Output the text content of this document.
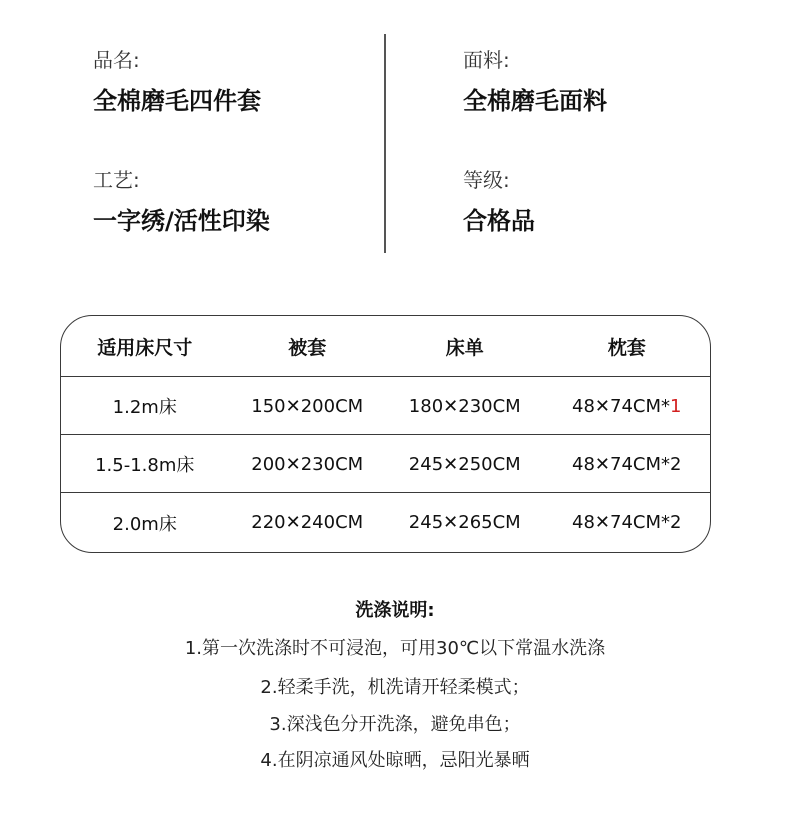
品名:
全棉磨毛四件套
面料:
全棉磨毛面料
工艺:
一字绣/活性印染
等级:
合格品
适用床尺寸	被套	床单	枕套
1.2m床	150✕200CM	180✕230CM	48✕74CM*1
1.5-1.8m床	200✕230CM	245✕250CM	48✕74CM*2
2.0m床	220✕240CM	245✕265CM	48✕74CM*2
洗涤说明:
1.第一次洗涤时不可浸泡，可用30℃以下常温水洗涤
2.轻柔手洗，机洗请开轻柔模式；
3.深浅色分开洗涤，避免串色；
4.在阴凉通风处晾晒，忌阳光暴晒
